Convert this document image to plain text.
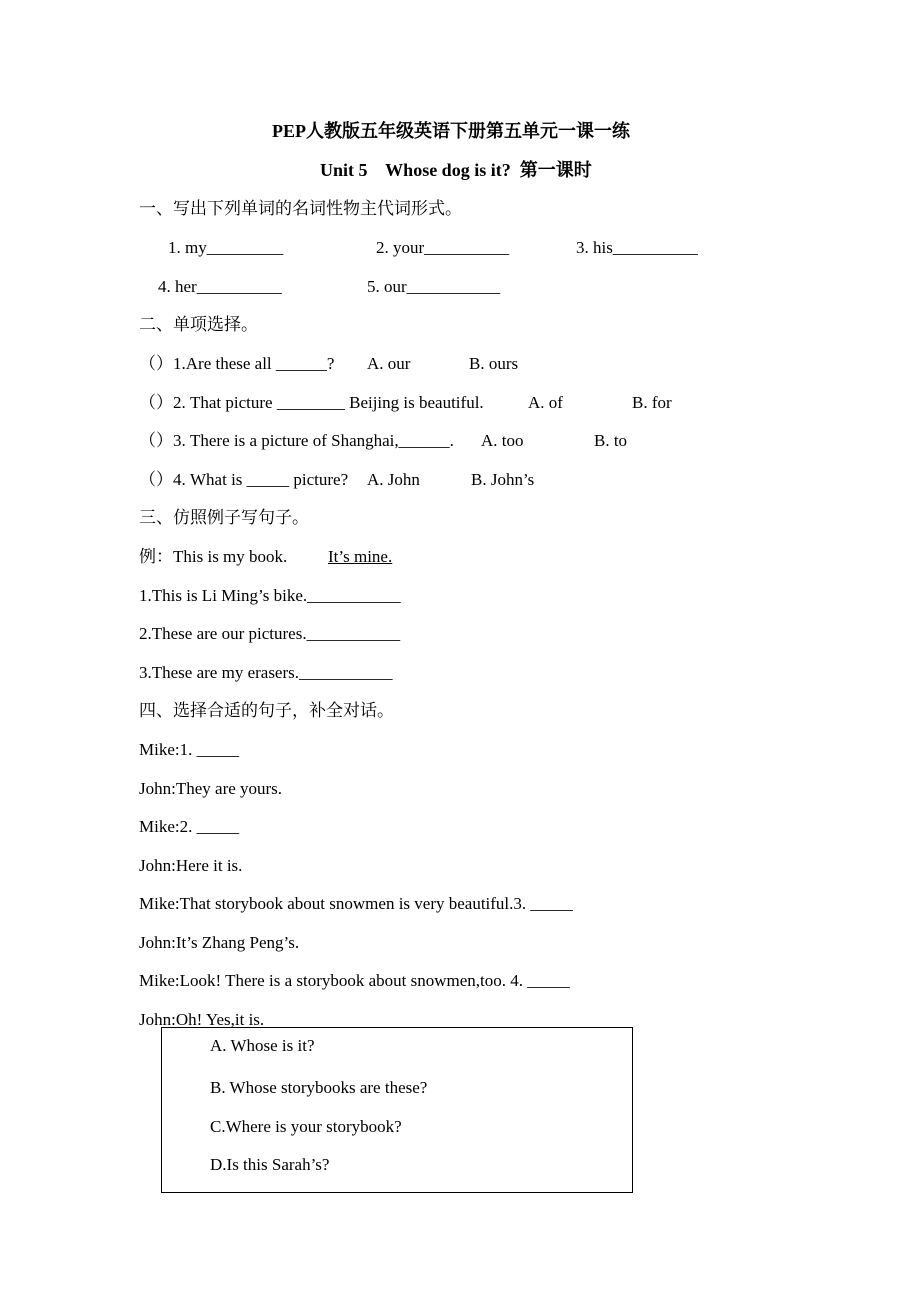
PEP人教版五年级英语下册第五单元一课一练
Unit 5    Whose dog is it?  第一课时
一、写出下列单词的名词性物主代词形式。
1. my_________	2. your__________	3. his__________
4. her__________	5. our___________
二、单项选择。
（）1.Are these all ______? A. our	B. ours
（）2. That picture ________ Beijing is beautiful.	A. of	B. for
（）3. There is a picture of Shanghai,______. A. too	B. to
（）4. What is _____ picture? A. John	B. John’s
三、仿照例子写句子。
例：This is my book. It’s mine.
1.This is Li Ming’s bike.___________
2.These are our pictures.___________
3.These are my erasers.___________
四、选择合适的句子，补全对话。
Mike:1. _____
John:They are yours.
Mike:2. _____
John:Here it is.
Mike:That storybook about snowmen is very beautiful.3. _____
John:It’s Zhang Peng’s.
Mike:Look! There is a storybook about snowmen,too. 4. _____
John:Oh! Yes,it is.
A. Whose is it?
B. Whose storybooks are these?
C.Where is your storybook?
D.Is this Sarah’s?
